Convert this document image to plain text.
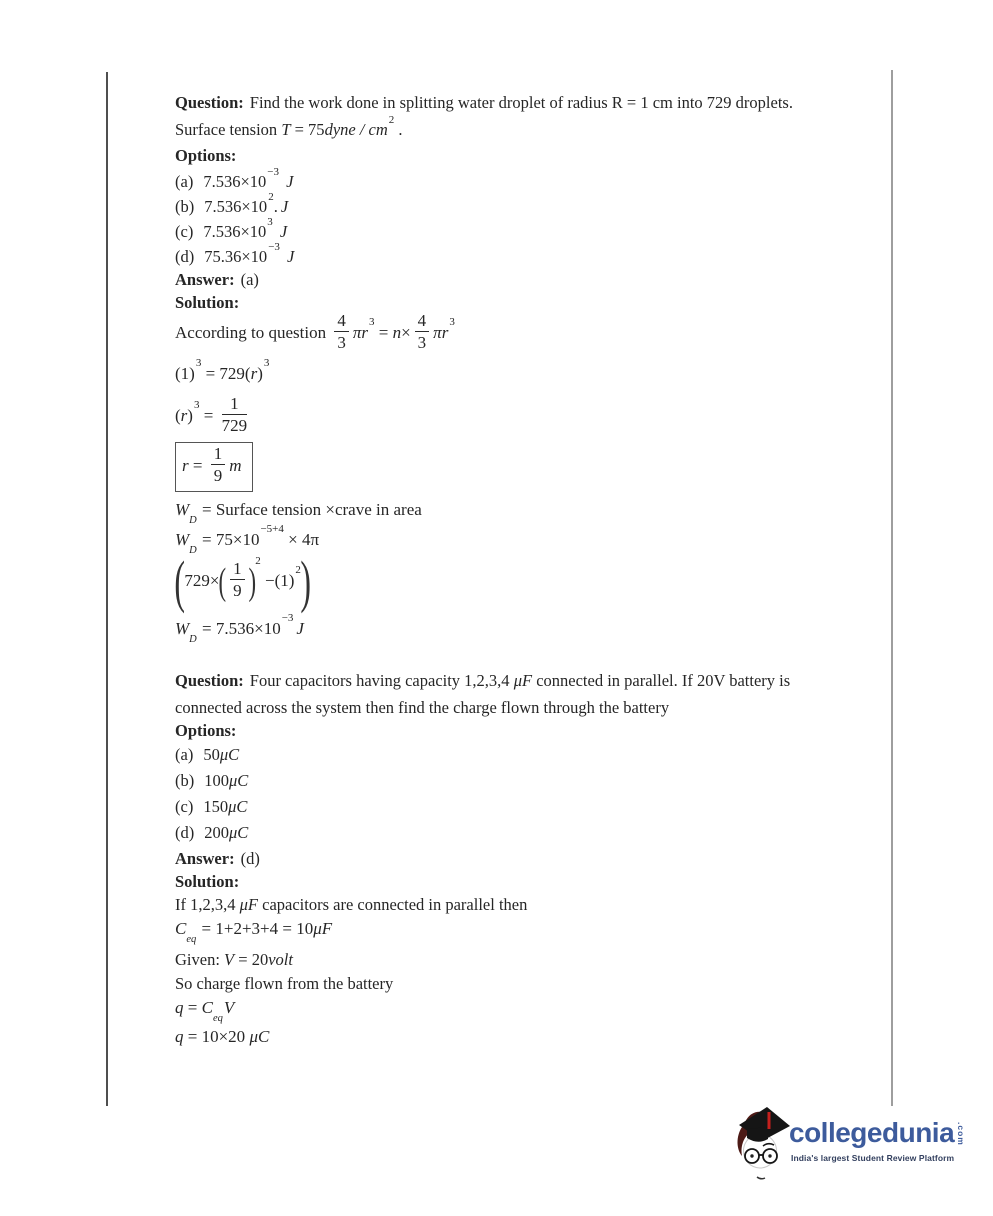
Question: Find the work done in splitting water droplet of radius R = 1 cm into 729 droplets.
Surface tension T = 75dyne / $cm^2$ .
Options:
(a) $7.536\times 10^{-3}$ J
(b) $7.536\times 10^2$. J
(c) $7.536\times 10^3$ J
(d) $75.36\times 10^{-3}$ J
Answer: (a)
Solution:
According to question $\frac{4}{3} \pi r^3 = n\times \frac{4}{3} \pi r^3$
$(1)^3 = 729(r)^3$
$(r)^3 = \frac{1}{729}$
$r = \frac{1}{9}$ m
$W_D$ = Surface tension ×crave in area
$W_D = 75\times 10^{-5+4} \times 4\pi$
$(729\times( \frac{1}{9} )^2 -(1)^2)$
$W_D = 7.536\times 10^{-3}J$
Question: Four capacitors having capacity 1,2,3,4 μF connected in parallel. If 20V battery is
connected across the system then find the charge flown through the battery
Options:
(a) 50μC
(b) 100μC
(c) 150μC
(d) 200μC
Answer: (d)
Solution:
If 1,2,3,4 μF capacitors are connected in parallel then
$C_{eq} = 1+2+3+4 = 10\mu F$
Given: V = 20volt
So charge flown from the battery
$q = C_{eq}V$
q = 10×20 μC
collegedunia .com
India's largest Student Review Platform
